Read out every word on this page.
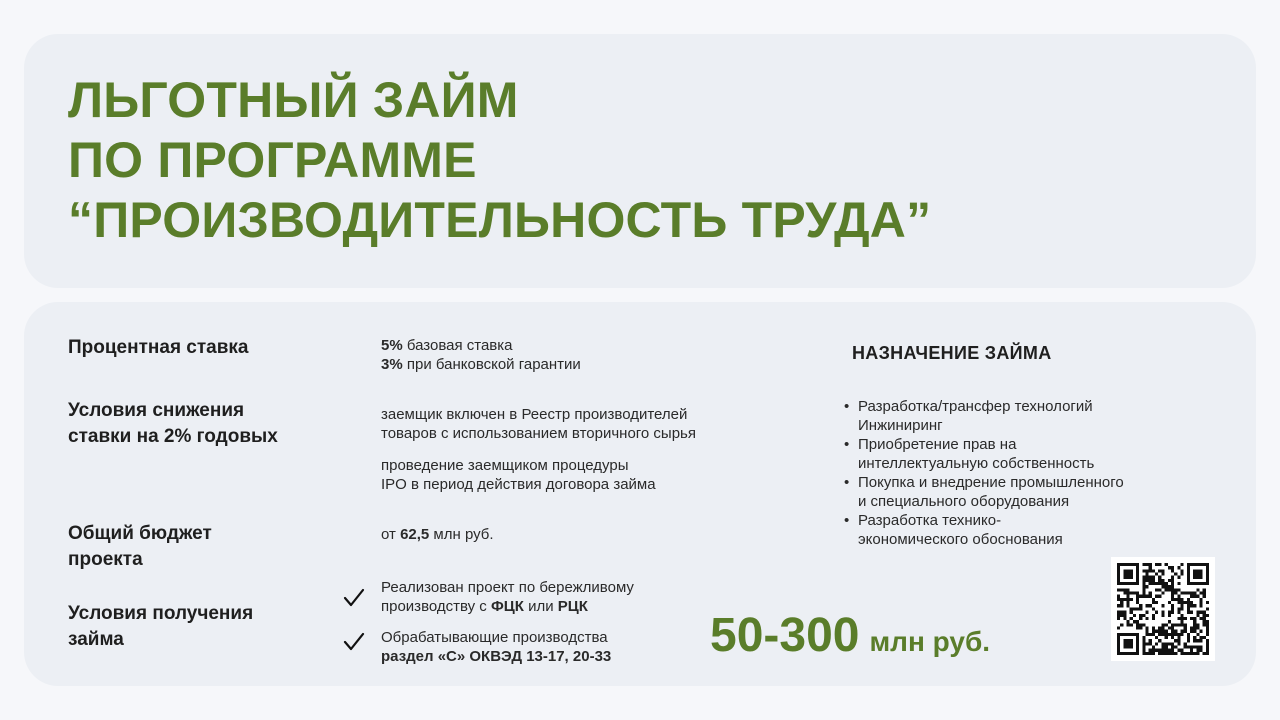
ЛЬГОТНЫЙ ЗАЙМ
ПО ПРОГРАММЕ
“ПРОИЗВОДИТЕЛЬНОСТЬ ТРУДА”
Процентная ставка	5% базовая ставка
3% при банковской гарантии
Условия снижения
ставки на 2% годовых
заемщик включен в Реестр производителей
товаров с использованием вторичного сырья
проведение заемщиком процедуры
IPO в период действия договора займа
Общий бюджет
проекта
от 62,5 млн руб.
Условия получения
займа
Реализован проект по бережливому
производству с ФЦК или РЦК
Обрабатывающие производства
раздел «С» ОКВЭД 13-17, 20-33
НАЗНАЧЕНИЕ ЗАЙМА
• Разработка/трансфер технологий
Инжиниринг
• Приобретение прав на
интеллектуальную собственность
• Покупка и внедрение промышленного
и специального оборудования
• Разработка технико-
экономического обоснования
50-300 млн руб.
